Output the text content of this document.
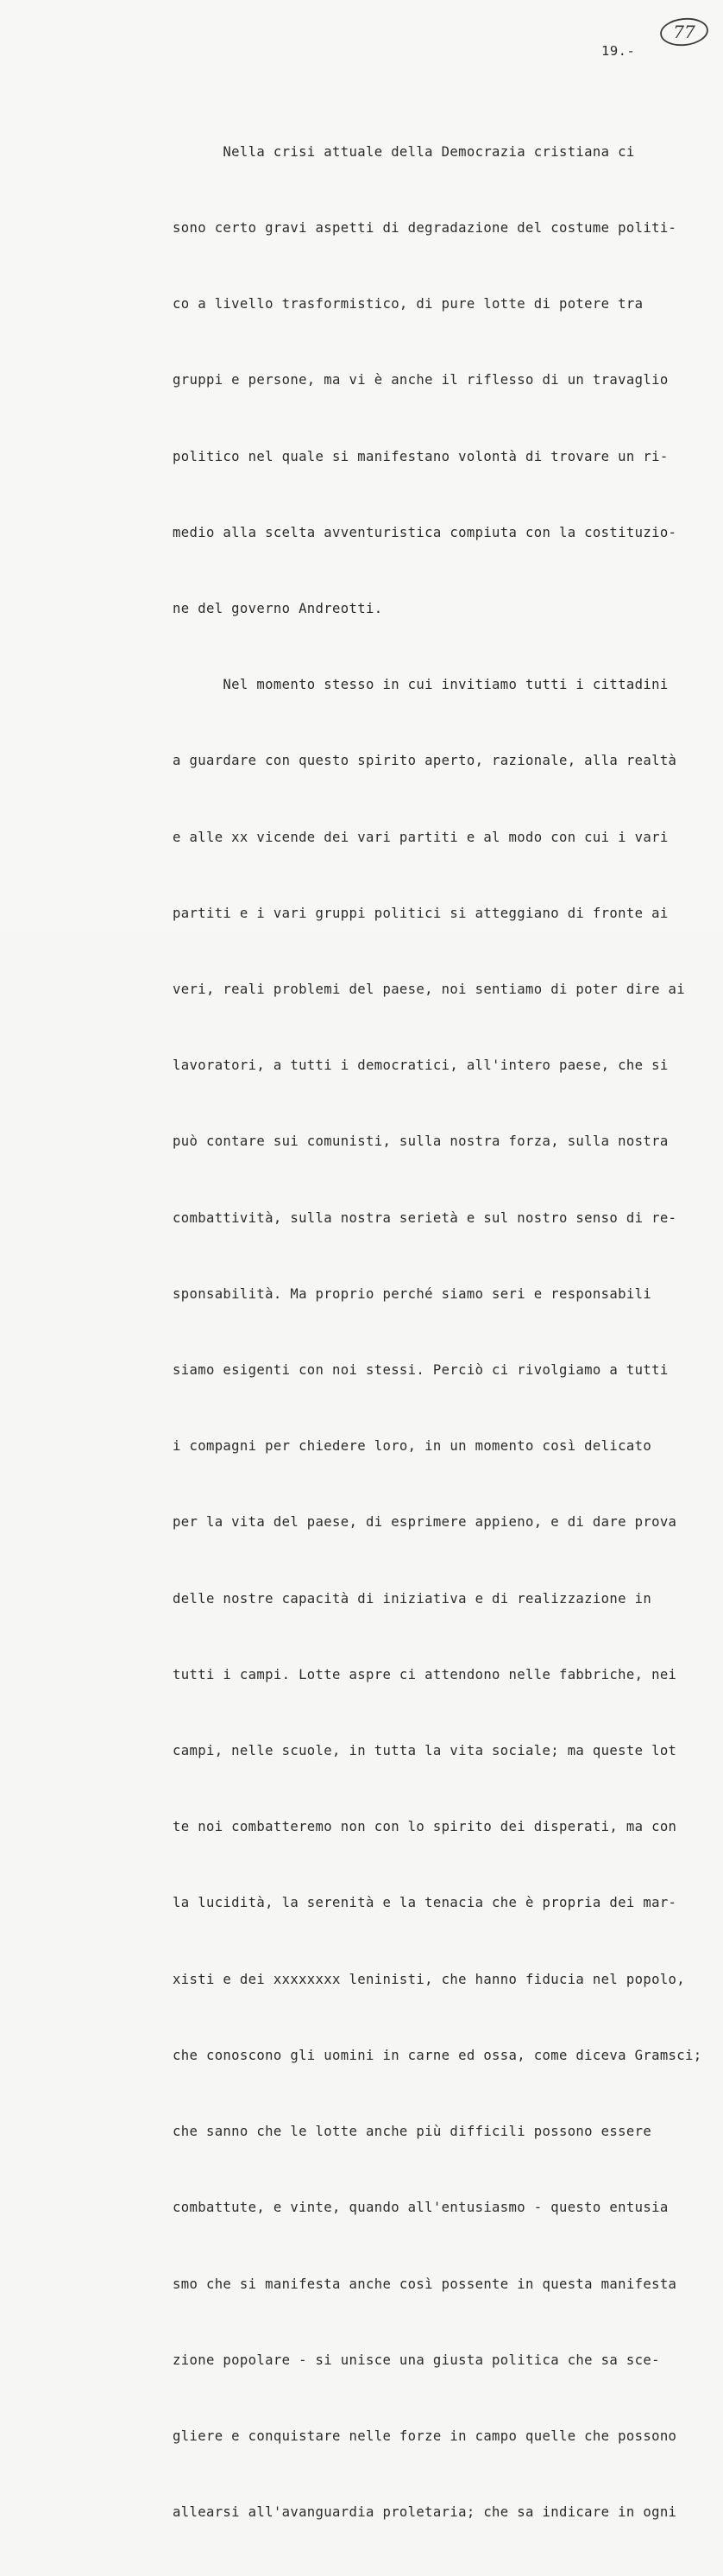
77
19.-

Nella crisi attuale della Democrazia cristiana ci

sono certo gravi aspetti di degradazione del costume politi-

co a livello trasformistico, di pure lotte di potere tra

gruppi e persone, ma vi è anche il riflesso di un travaglio

politico nel quale si manifestano volontà di trovare un ri-

medio alla scelta avventuristica compiuta con la costituzio-

ne del governo Andreotti.

Nel momento stesso in cui invitiamo tutti i cittadini

a guardare con questo spirito aperto, razionale, alla realtà

e alle xx vicende dei vari partiti e al modo con cui i vari

partiti e i vari gruppi politici si atteggiano di fronte ai

veri, reali problemi del paese, noi sentiamo di poter dire ai

lavoratori, a tutti i democratici, all'intero paese, che si

può contare sui comunisti, sulla nostra forza, sulla nostra

combattività, sulla nostra serietà e sul nostro senso di re-

sponsabilità. Ma proprio perché siamo seri e responsabili

siamo esigenti con noi stessi. Perciò ci rivolgiamo a tutti

i compagni per chiedere loro, in un momento così delicato

per la vita del paese, di esprimere appieno, e di dare prova

delle nostre capacità di iniziativa e di realizzazione in

tutti i campi. Lotte aspre ci attendono nelle fabbriche, nei

campi, nelle scuole, in tutta la vita sociale; ma queste lot

te noi combatteremo non con lo spirito dei disperati, ma con

la lucidità, la serenità e la tenacia che è propria dei mar-

xisti e dei xxxxxxxx leninisti, che hanno fiducia nel popolo,

che conoscono gli uomini in carne ed ossa, come diceva Gramsci;

che sanno che le lotte anche più difficili possono essere

combattute, e vinte, quando all'entusiasmo - questo entusia

smo che si manifesta anche così possente in questa manifesta

zione popolare - si unisce una giusta politica che sa sce-

gliere e conquistare nelle forze in campo quelle che possono

allearsi all'avanguardia proletaria; che sa indicare in ogni
